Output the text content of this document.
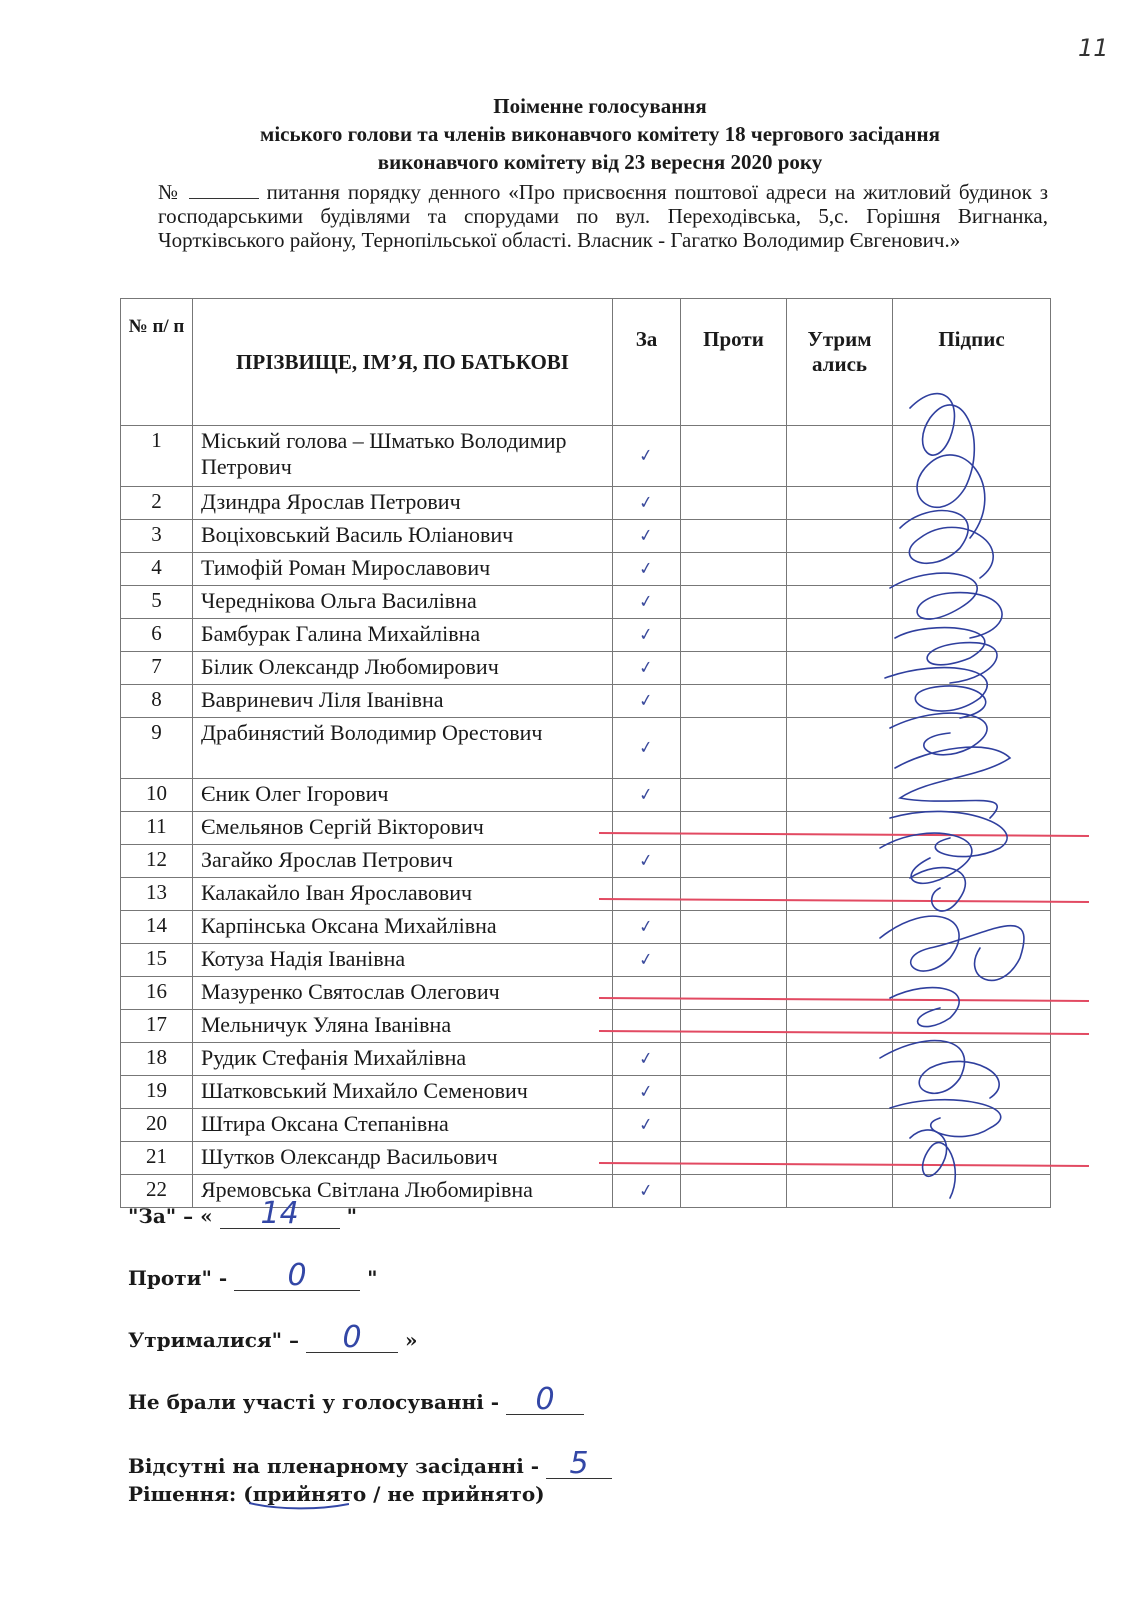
11
Поіменне голосування
міського голови та членів виконавчого комітету 18 чергового засідання
виконавчого комітету від 23 вересня 2020 року
№	питання порядку денного «Про присвоєння поштової адреси на житловий будинок з господарськими будівлями та спорудами по вул. Переходівська, 5,с. Горішня Вигнанка, Чортківського району, Тернопільської області. Власник - Гагатко Володимир Євгенович.»
№ п/ п	ПРІЗВИЩЕ, ІМ’Я, ПО БАТЬКОВІ	За	Проти	Утрим ались	Підпис
1	Міський голова – Шматько Володимир Петрович	✓			
2	Дзиндра Ярослав Петрович	✓			
3	Воціховський Василь Юліанович	✓			
4	Тимофій Роман Мирославович	✓			
5	Череднікова Ольга Василівна	✓			
6	Бамбурак Галина Михайлівна	✓			
7	Білик Олександр Любомирович	✓			
8	Вавриневич Ліля Іванівна	✓			
9	Драбинястий Володимир Орестович	✓			
10	Єник Олег Ігорович	✓			
11	Ємельянов Сергій Вікторович				
12	Загайко Ярослав Петрович	✓			
13	Калакайло Іван Ярославович				
14	Карпінська Оксана Михайлівна	✓			
15	Котуза Надія Іванівна	✓			
16	Мазуренко Святослав Олегович				
17	Мельничук Уляна Іванівна				
18	Рудик Стефанія Михайлівна	✓			
19	Шатковський Михайло Семенович	✓			
20	Штира Оксана Степанівна	✓			
21	Шутков Олександр Васильович				
22	Яремовська Світлана Любомирівна	✓			
"За" – « 14 "
Проти" - 0	"
Утрималися" – 0 »
Не брали участі у голосуванні - 0
Відсутні на пленарному засіданні - 5
Рішення: (прийнято
/ не прийнято)
